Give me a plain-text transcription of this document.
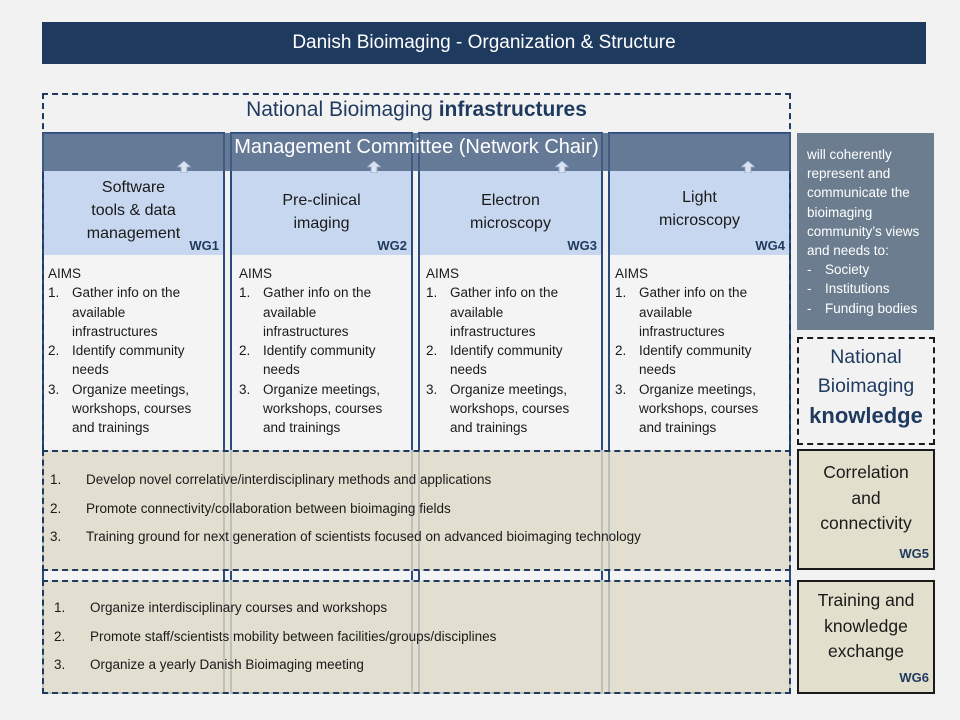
Danish Bioimaging - Organization & Structure
National Bioimaging infrastructures
Software
tools & data
management
WG1
Pre-clinical
imaging
WG2
Electron
microscopy
WG3
Light
microscopy
WG4
Management Committee (Network Chair)
AIMS
1. Gather info on the
available
infrastructures
2. Identify community
needs
3. Organize meetings,
workshops, courses
and trainings
AIMS
1. Gather info on the
available
infrastructures
2. Identify community
needs
3. Organize meetings,
workshops, courses
and trainings
AIMS
1. Gather info on the
available
infrastructures
2. Identify community
needs
3. Organize meetings,
workshops, courses
and trainings
AIMS
1. Gather info on the
available
infrastructures
2. Identify community
needs
3. Organize meetings,
workshops, courses
and trainings
1. Develop novel correlative/interdisciplinary methods and applications
2. Promote connectivity/collaboration between bioimaging fields
3. Training ground for next generation of scientists focused on advanced bioimaging technology
1. Organize interdisciplinary courses and workshops
2. Promote staff/scientists mobility between facilities/groups/disciplines
3. Organize a yearly Danish Bioimaging meeting
will coherently
represent and
communicate the
bioimaging
community’s views
and needs to:
- Society
- Institutions
- Funding bodies
National
Bioimaging
knowledge
Correlation
and
connectivity
WG5
Training and
knowledge
exchange
WG6
